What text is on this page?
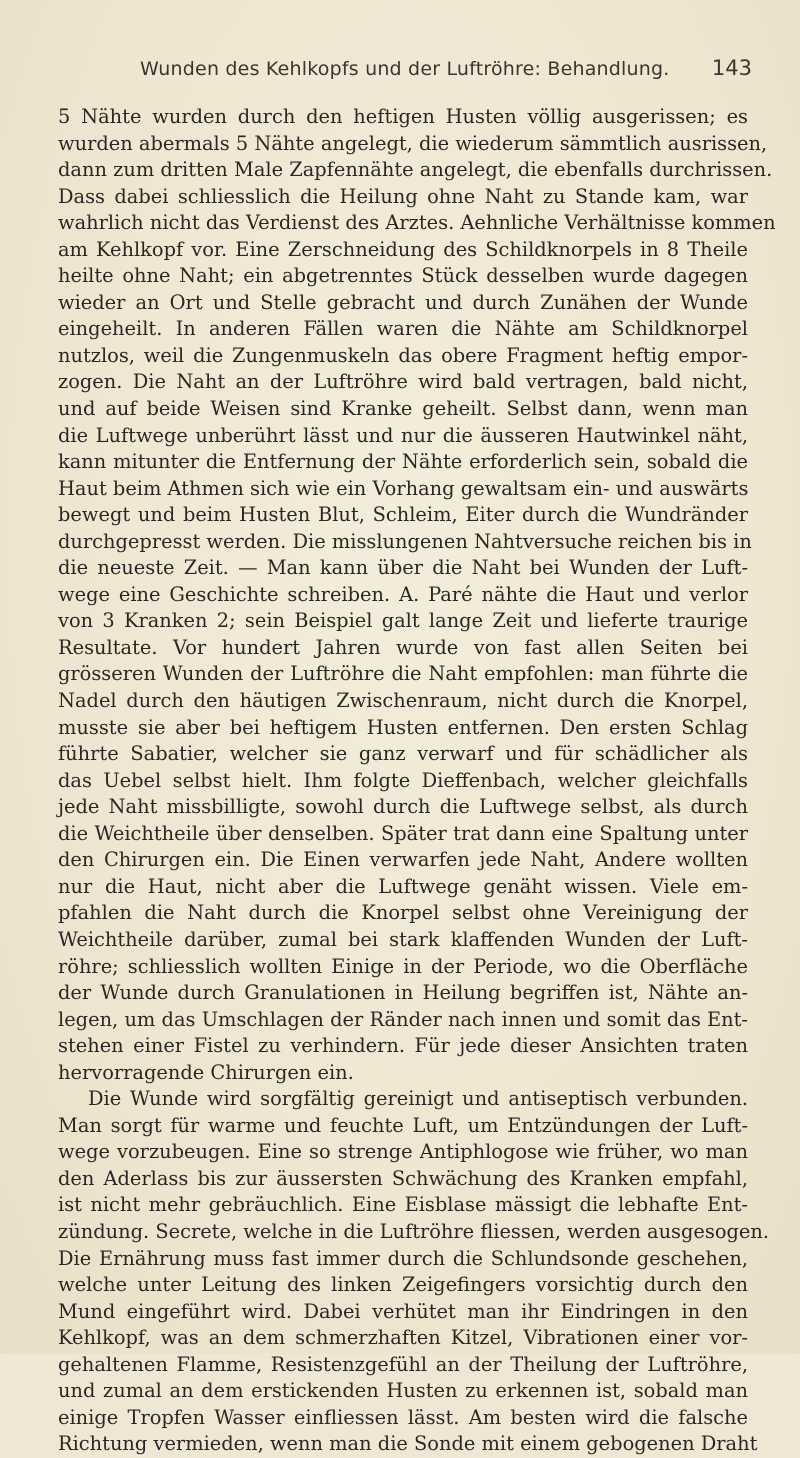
Wunden des Kehlkopfs und der Luftröhre: Behandlung. 143
5 Nähte wurden durch den heftigen Husten völlig ausgerissen; es
wurden abermals 5 Nähte angelegt, die wiederum sämmtlich ausrissen,
dann zum dritten Male Zapfennähte angelegt, die ebenfalls durchrissen.
Dass dabei schliesslich die Heilung ohne Naht zu Stande kam, war
wahrlich nicht das Verdienst des Arztes. Aehnliche Verhältnisse kommen
am Kehlkopf vor. Eine Zerschneidung des Schildknorpels in 8 Theile
heilte ohne Naht; ein abgetrenntes Stück desselben wurde dagegen
wieder an Ort und Stelle gebracht und durch Zunähen der Wunde
eingeheilt. In anderen Fällen waren die Nähte am Schildknorpel
nutzlos, weil die Zungenmuskeln das obere Fragment heftig empor-
zogen. Die Naht an der Luftröhre wird bald vertragen, bald nicht,
und auf beide Weisen sind Kranke geheilt. Selbst dann, wenn man
die Luftwege unberührt lässt und nur die äusseren Hautwinkel näht,
kann mitunter die Entfernung der Nähte erforderlich sein, sobald die
Haut beim Athmen sich wie ein Vorhang gewaltsam ein- und auswärts
bewegt und beim Husten Blut, Schleim, Eiter durch die Wundränder
durchgepresst werden. Die misslungenen Nahtversuche reichen bis in
die neueste Zeit. — Man kann über die Naht bei Wunden der Luft-
wege eine Geschichte schreiben. A. Paré nähte die Haut und verlor
von 3 Kranken 2; sein Beispiel galt lange Zeit und lieferte traurige
Resultate. Vor hundert Jahren wurde von fast allen Seiten bei
grösseren Wunden der Luftröhre die Naht empfohlen: man führte die
Nadel durch den häutigen Zwischenraum, nicht durch die Knorpel,
musste sie aber bei heftigem Husten entfernen. Den ersten Schlag
führte Sabatier, welcher sie ganz verwarf und für schädlicher als
das Uebel selbst hielt. Ihm folgte Dieffenbach, welcher gleichfalls
jede Naht missbilligte, sowohl durch die Luftwege selbst, als durch
die Weichtheile über denselben. Später trat dann eine Spaltung unter
den Chirurgen ein. Die Einen verwarfen jede Naht, Andere wollten
nur die Haut, nicht aber die Luftwege genäht wissen. Viele em-
pfahlen die Naht durch die Knorpel selbst ohne Vereinigung der
Weichtheile darüber, zumal bei stark klaffenden Wunden der Luft-
röhre; schliesslich wollten Einige in der Periode, wo die Oberfläche
der Wunde durch Granulationen in Heilung begriffen ist, Nähte an-
legen, um das Umschlagen der Ränder nach innen und somit das Ent-
stehen einer Fistel zu verhindern. Für jede dieser Ansichten traten
hervorragende Chirurgen ein.
Die Wunde wird sorgfältig gereinigt und antiseptisch verbunden.
Man sorgt für warme und feuchte Luft, um Entzündungen der Luft-
wege vorzubeugen. Eine so strenge Antiphlogose wie früher, wo man
den Aderlass bis zur äussersten Schwächung des Kranken empfahl,
ist nicht mehr gebräuchlich. Eine Eisblase mässigt die lebhafte Ent-
zündung. Secrete, welche in die Luftröhre fliessen, werden ausgesogen.
Die Ernährung muss fast immer durch die Schlundsonde geschehen,
welche unter Leitung des linken Zeigefingers vorsichtig durch den
Mund eingeführt wird. Dabei verhütet man ihr Eindringen in den
Kehlkopf, was an dem schmerzhaften Kitzel, Vibrationen einer vor-
gehaltenen Flamme, Resistenzgefühl an der Theilung der Luftröhre,
und zumal an dem erstickenden Husten zu erkennen ist, sobald man
einige Tropfen Wasser einfliessen lässt. Am besten wird die falsche
Richtung vermieden, wenn man die Sonde mit einem gebogenen Draht
